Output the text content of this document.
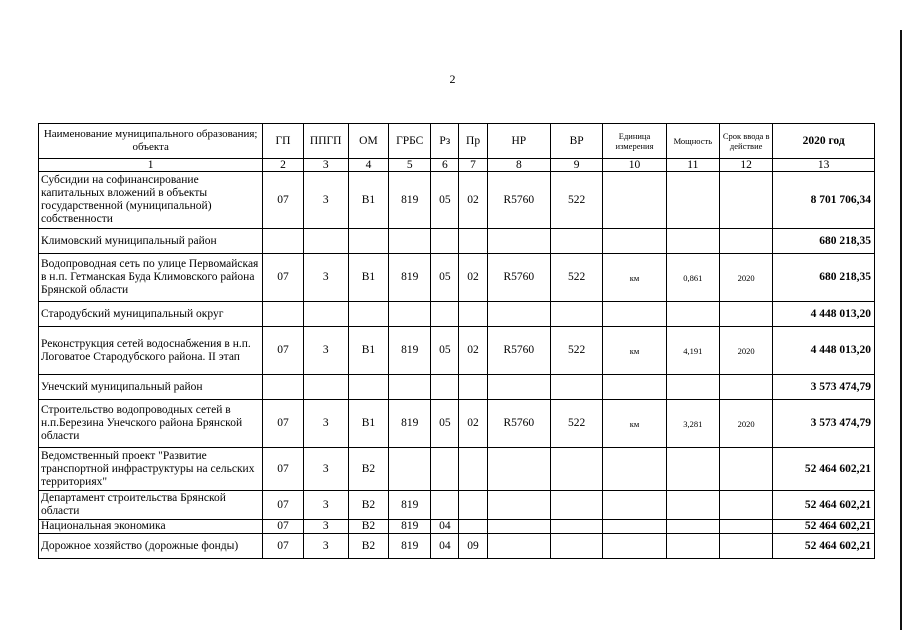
2
Наименование муниципального образования; объекта	ГП	ППГП	ОМ	ГРБС	Рз	Пр	НР	ВР	Единица измерения	Мощность	Срок ввода в действие	2020 год
1	2	3	4	5	6	7	8	9	10	11	12	13
Субсидии на софинансирование капитальных вложений в объекты государственной (муниципальной) собственности	07	3	В1	819	05	02	R5760	522				8 701 706,34
Климовский муниципальный район												680 218,35
Водопроводная сеть по улице Первомайская в н.п. Гетманская Буда Климовского района Брянской области	07	3	В1	819	05	02	R5760	522	км	0,861	2020	680 218,35
Стародубский муниципальный округ												4 448 013,20
Реконструкция сетей водоснабжения в н.п. Логоватое Стародубского района. II этап	07	3	В1	819	05	02	R5760	522	км	4,191	2020	4 448 013,20
Унечский муниципальный район												3 573 474,79
Строительство водопроводных сетей в н.п.Березина Унечского района Брянской области	07	3	В1	819	05	02	R5760	522	км	3,281	2020	3 573 474,79
Ведомственный проект "Развитие транспортной инфраструктуры на сельских территориях"	07	3	В2									52 464 602,21
Департамент строительства Брянской области	07	3	В2	819								52 464 602,21
Национальная экономика	07	3	В2	819	04							52 464 602,21
Дорожное хозяйство (дорожные фонды)	07	3	В2	819	04	09						52 464 602,21
